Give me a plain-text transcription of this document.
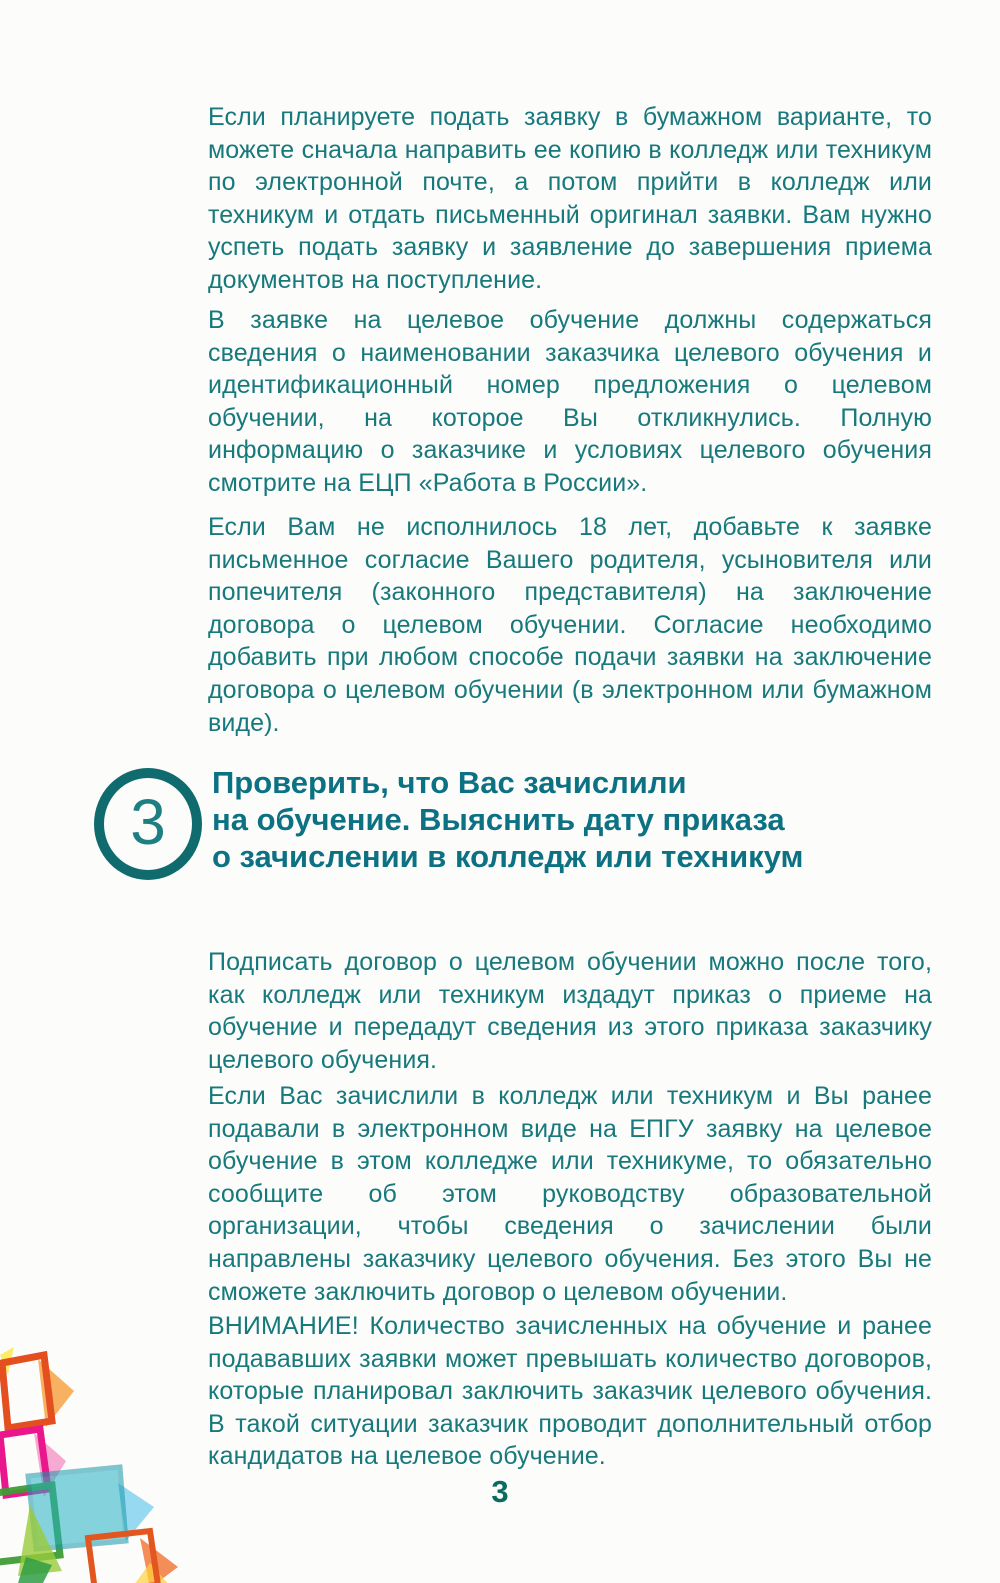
Если планируете подать заявку в бумажном варианте, то можете сначала направить ее копию в колледж или техникум по электронной почте, а потом прийти в колледж или техникум и отдать письменный оригинал заявки. Вам нужно успеть подать заявку и заявление до завершения приема документов на поступление.

В заявке на целевое обучение должны содержаться сведения о наименовании заказчика целевого обучения и идентификационный номер предложения о целевом обучении, на которое Вы откликнулись. Полную информацию о заказчике и условиях целевого обучения смотрите на ЕЦП «Работа в России».

Если Вам не исполнилось 18 лет, добавьте к заявке письменное согласие Вашего родителя, усыновителя или попечителя (законного представителя) на заключение договора о целевом обучении. Согласие необходимо добавить при любом способе подачи заявки на заключение договора о целевом обучении (в электронном или бумажном виде).

3
Проверить, что Вас зачислили
на обучение. Выяснить дату приказа
о зачислении в колледж или техникум

Подписать договор о целевом обучении можно после того, как колледж или техникум издадут приказ о приеме на обучение и передадут сведения из этого приказа заказчику целевого обучения.

Если Вас зачислили в колледж или техникум и Вы ранее подавали в электронном виде на ЕПГУ заявку на целевое обучение в этом колледже или техникуме, то обязательно сообщите об этом руководству образовательной организации, чтобы сведения о зачислении были направлены заказчику целевого обучения. Без этого Вы не сможете заключить договор о целевом обучении.

ВНИМАНИЕ! Количество зачисленных на обучение и ранее подававших заявки может превышать количество договоров, которые планировал заключить заказчик целевого обучения. В такой ситуации заказчик проводит дополнительный отбор кандидатов на целевое обучение.

3
